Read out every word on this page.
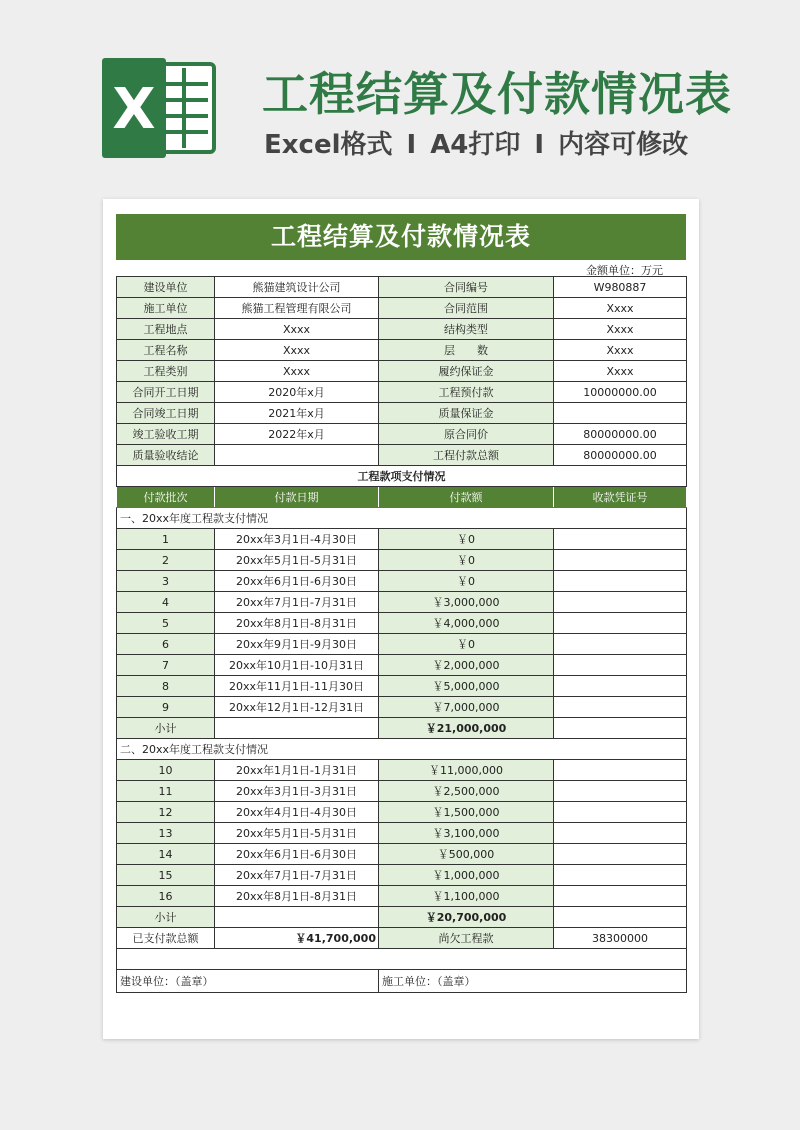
X 工程结算及付款情况表
Excel格式 I A4打印 I 内容可修改
工程结算及付款情况表
金额单位：万元
建设单位	熊猫建筑设计公司	合同编号	W980887
施工单位	熊猫工程管理有限公司	合同范围	Xxxx
工程地点	Xxxx	结构类型	Xxxx
工程名称	Xxxx	层　　数	Xxxx
工程类别	Xxxx	履约保证金	Xxxx
合同开工日期	2020年x月	工程预付款	10000000.00
合同竣工日期	2021年x月	质量保证金	
竣工验收工期	2022年x月	原合同价	80000000.00
质量验收结论		工程付款总额	80000000.00
工程款项支付情况			
付款批次	付款日期	付款额	收款凭证号
一、20xx年度工程款支付情况			
1	20xx年3月1日-4月30日	￥0	
2	20xx年5月1日-5月31日	￥0	
3	20xx年6月1日-6月30日	￥0	
4	20xx年7月1日-7月31日	￥3,000,000	
5	20xx年8月1日-8月31日	￥4,000,000	
6	20xx年9月1日-9月30日	￥0	
7	20xx年10月1日-10月31日	￥2,000,000	
8	20xx年11月1日-11月30日	￥5,000,000	
9	20xx年12月1日-12月31日	￥7,000,000	
小计		￥21,000,000	
二、20xx年度工程款支付情况			
10	20xx年1月1日-1月31日	￥11,000,000	
11	20xx年3月1日-3月31日	￥2,500,000	
12	20xx年4月1日-4月30日	￥1,500,000	
13	20xx年5月1日-5月31日	￥3,100,000	
14	20xx年6月1日-6月30日	￥500,000	
15	20xx年7月1日-7月31日	￥1,000,000	
16	20xx年8月1日-8月31日	￥1,100,000	
小计		￥20,700,000	
已支付款总额	￥41,700,000	尚欠工程款	38300000

建设单位：（盖章）		施工单位：（盖章）	
